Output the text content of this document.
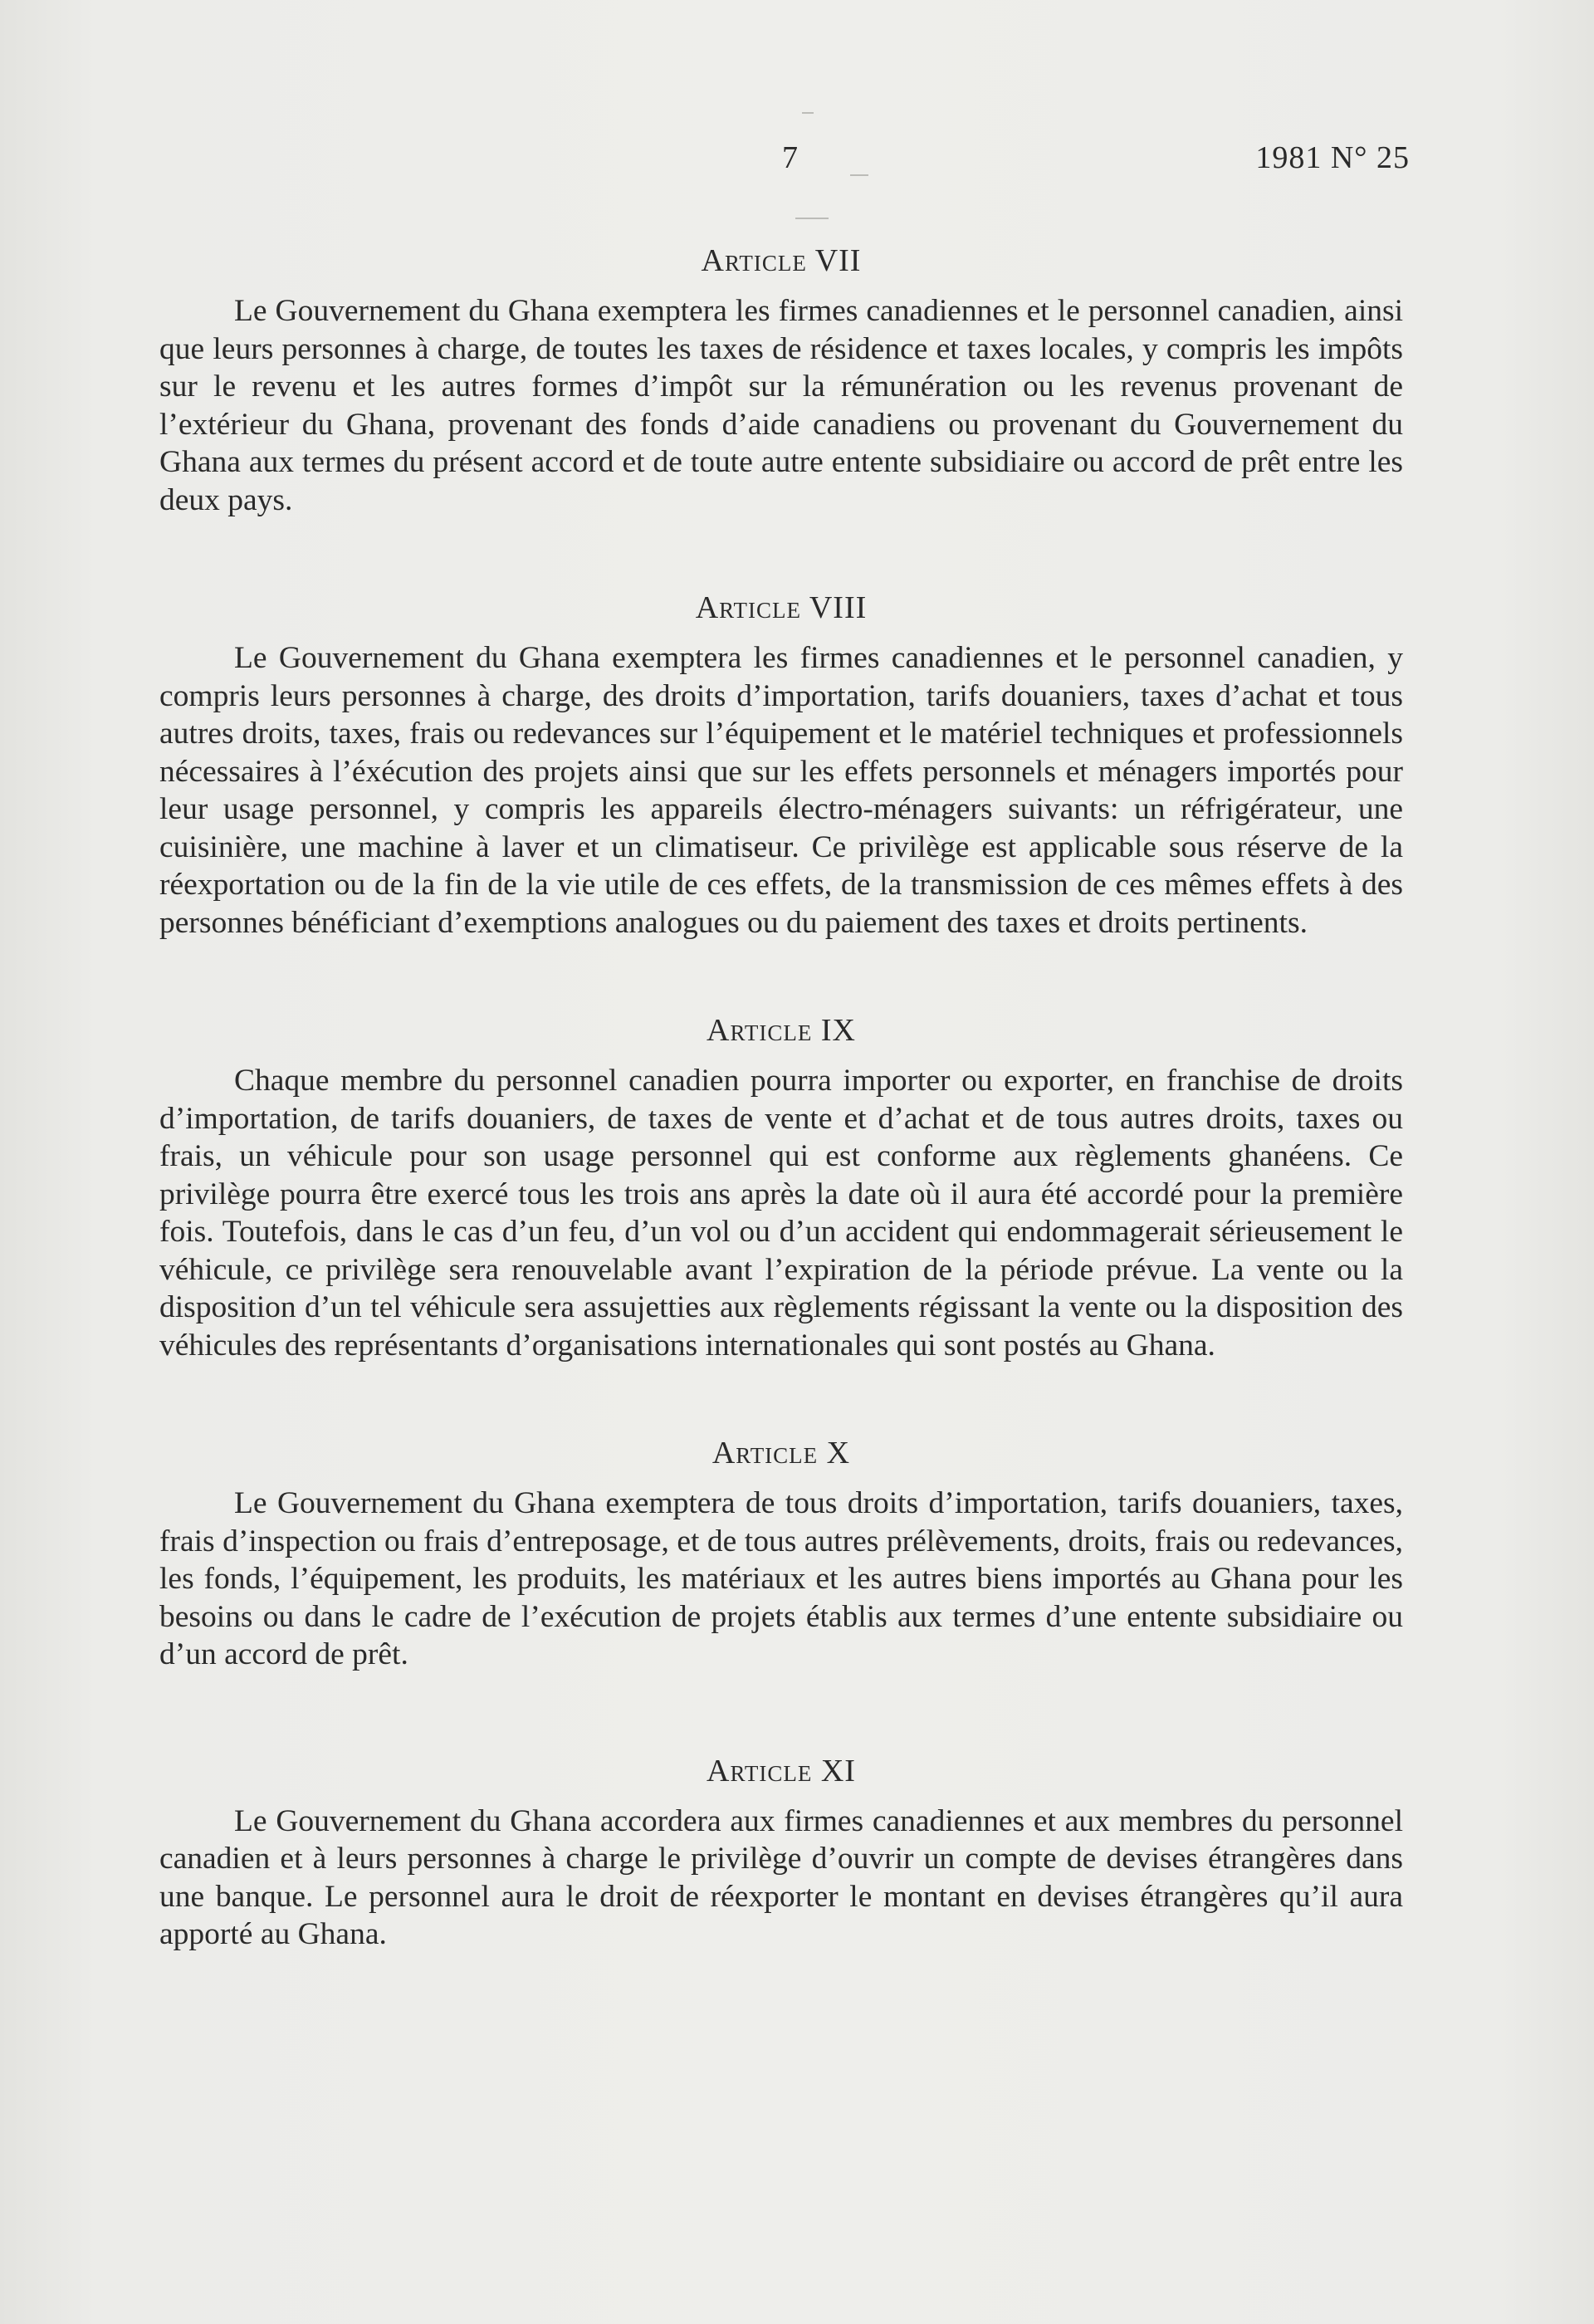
7	1981 N° 25
Article VII

Le Gouvernement du Ghana exemptera les firmes canadiennes et le personnel canadien, ainsi que leurs personnes à charge, de toutes les taxes de résidence et taxes locales, y compris les impôts sur le revenu et les autres formes d’impôt sur la rémunération ou les revenus provenant de l’extérieur du Ghana, provenant des fonds d’aide canadiens ou provenant du Gouvernement du Ghana aux termes du présent accord et de toute autre entente subsidiaire ou accord de prêt entre les deux pays.

Article VIII

Le Gouvernement du Ghana exemptera les firmes canadiennes et le personnel canadien, y compris leurs personnes à charge, des droits d’importation, tarifs douaniers, taxes d’achat et tous autres droits, taxes, frais ou redevances sur l’équipement et le matériel techniques et professionnels nécessaires à l’éxécution des projets ainsi que sur les effets personnels et ménagers importés pour leur usage personnel, y compris les appareils électro-ménagers suivants: un réfrigérateur, une cuisinière, une machine à laver et un climatiseur. Ce privilège est applicable sous réserve de la réexportation ou de la fin de la vie utile de ces effets, de la transmission de ces mêmes effets à des personnes bénéficiant d’exemptions analogues ou du paiement des taxes et droits pertinents.

Article IX

Chaque membre du personnel canadien pourra importer ou exporter, en franchise de droits d’importation, de tarifs douaniers, de taxes de vente et d’achat et de tous autres droits, taxes ou frais, un véhicule pour son usage personnel qui est conforme aux règlements ghanéens. Ce privilège pourra être exercé tous les trois ans après la date où il aura été accordé pour la première fois. Toutefois, dans le cas d’un feu, d’un vol ou d’un accident qui endommagerait sérieusement le véhicule, ce privilège sera renouvelable avant l’expiration de la période prévue. La vente ou la disposition d’un tel véhicule sera assujetties aux règlements régissant la vente ou la disposition des véhicules des représentants d’organisations internationales qui sont postés au Ghana.

Article X

Le Gouvernement du Ghana exemptera de tous droits d’importation, tarifs douaniers, taxes, frais d’inspection ou frais d’entreposage, et de tous autres prélèvements, droits, frais ou redevances, les fonds, l’équipement, les produits, les matériaux et les autres biens importés au Ghana pour les besoins ou dans le cadre de l’exécution de projets établis aux termes d’une entente subsidiaire ou d’un accord de prêt.

Article XI

Le Gouvernement du Ghana accordera aux firmes canadiennes et aux membres du personnel canadien et à leurs personnes à charge le privilège d’ouvrir un compte de devises étrangères dans une banque. Le personnel aura le droit de réexporter le montant en devises étrangères qu’il aura apporté au Ghana.
